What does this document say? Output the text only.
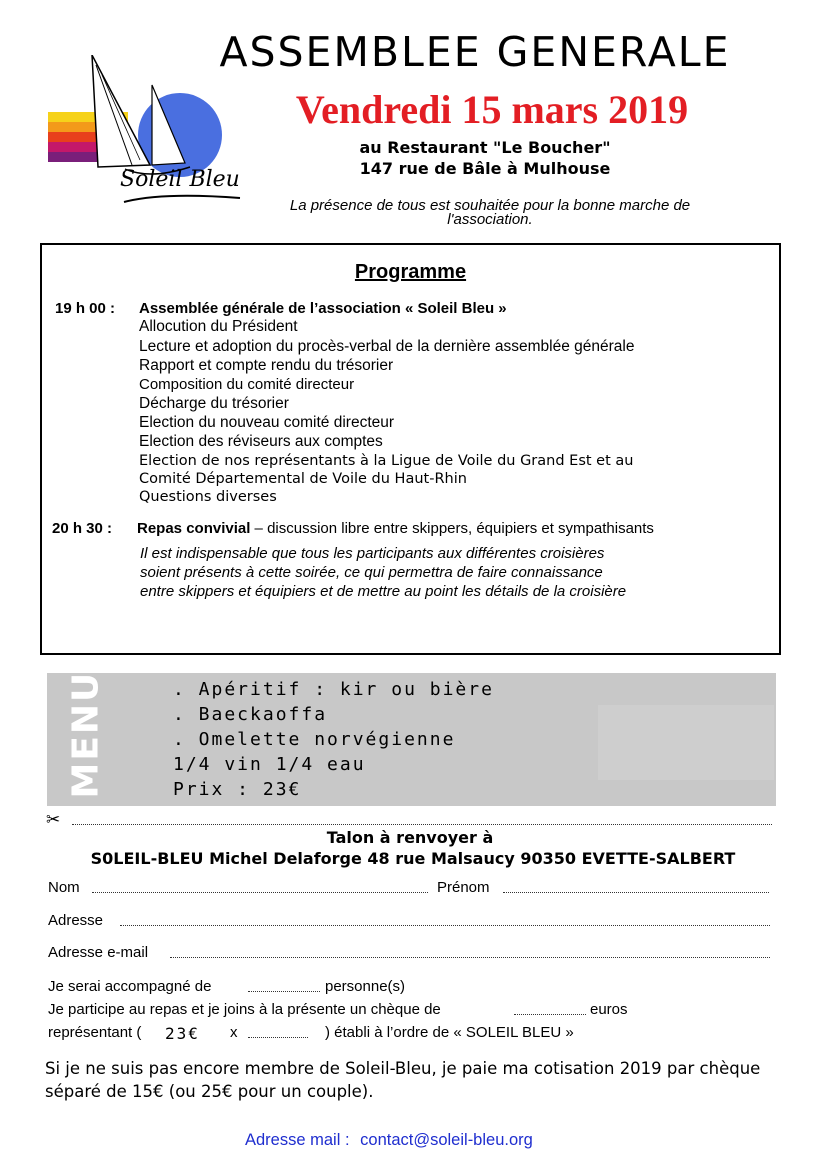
Soleil Bleu
ASSEMBLEE GENERALE
Vendredi 15 mars 2019
au Restaurant "Le Boucher"
147 rue de Bâle à Mulhouse
La présence de tous est souhaitée pour la bonne marche de l'association.
Programme
19 h 00 : Assemblée générale de l’association « Soleil Bleu »
Allocution du Président
Lecture et adoption du procès-verbal de la dernière assemblée générale
Rapport et compte rendu du trésorier
Composition du comité directeur
Décharge du trésorier
Election du nouveau comité directeur
Election des réviseurs aux comptes
Election de nos représentants à la Ligue de Voile du Grand Est et au
Comité Départemental de Voile du Haut-Rhin
Questions diverses
20 h 30 : Repas convivial – discussion libre entre skippers, équipiers et sympathisants
Il est indispensable que tous les participants aux différentes croisières
soient présents à cette soirée, ce qui permettra de faire connaissance
entre skippers et équipiers et de mettre au point les détails de la croisière
MENU	. Apéritif : kir ou bière
. Baeckaoffa
. Omelette norvégienne
1/4 vin 1/4 eau
Prix : 23€
✂
Talon à renvoyer à
S0LEIL-BLEU Michel Delaforge 48 rue Malsaucy 90350 EVETTE-SALBERT
Nom	Prénom
Adresse
Adresse e-mail
Je serai accompagné de	personne(s)
Je participe au repas et je joins à la présente un chèque de	euros
représentant ( 23€ x	) établi à l’ordre de « SOLEIL BLEU »
Si je ne suis pas encore membre de Soleil-Bleu, je paie ma cotisation 2019 par chèque séparé de 15€ (ou 25€ pour un couple).
Adresse mail : contact@soleil-bleu.org
